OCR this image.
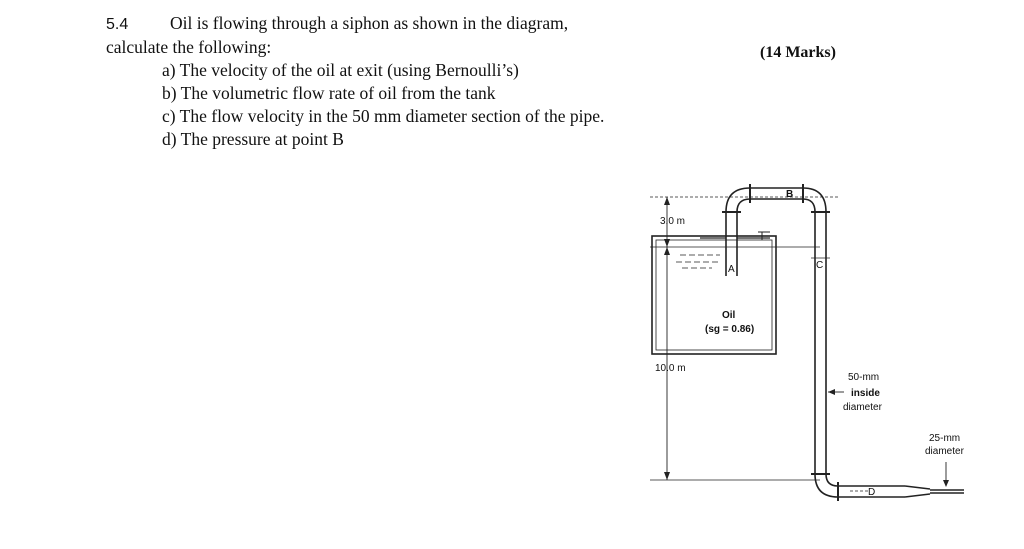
5.4 Oil is flowing through a siphon as shown in the diagram,
calculate the following:
a) The velocity of the oil at exit (using Bernoulli’s)
b) The volumetric flow rate of oil from the tank
c) The flow velocity in the 50 mm diameter section of the pipe.
d) The pressure at point B
(14 Marks)
3.0 m
10.0 m
Oil
(sg = 0.86)
A
B
C
D
50-mm
inside
diameter
25-mm
diameter
